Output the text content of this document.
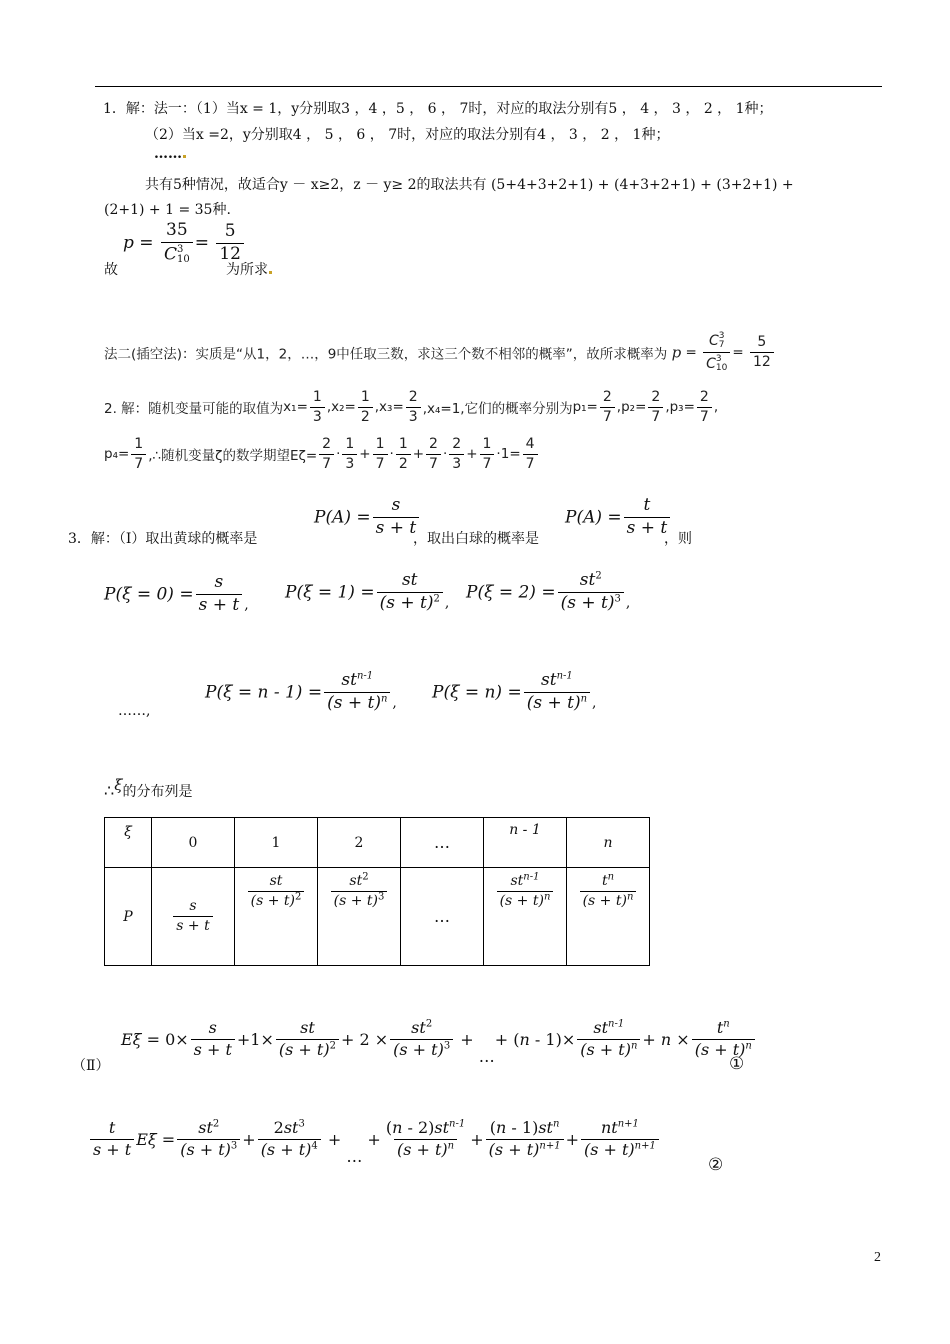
1．解：法一：（1）当x = 1，y分别取3 ，4 ，5 ， 6 ， 7时，对应的取法分别有5 ， 4 ， 3 ， 2 ， 1种；
（2）当x =2，y分别取4 ， 5 ， 6 ， 7时，对应的取法分别有4 ， 3 ， 2 ， 1种；
……
共有5种情况，故适合y － x≥2，z － y≥ 2的取法共有 (5+4+3+2+1) + (4+3+2+1) + (3+2+1) +
(2+1) + 1 = 35种.
故
p = 35
C 3
$10 = \frac{5}{12}$
为所求
法二(插空法)：实质是“从1，2，…，9中任取三数，求这三个数不相邻的概率”，故所求概率为 p = C 3
7
C 3
$10 = \frac{5}{12}$
2. 解：随机变量可能的取值为$x_1= \frac{1}{3} ,x_2= \frac{1}{2} ,x_3= \frac{2}{3} ,x_4=1$,它们的概率分别为$p_1= \frac{2}{7} ,p_2= \frac{2}{7} ,p_3= \frac{2}{7}$ ,
$p_4= \frac{1}{7}$ ,∴随机变量ζ的数学期望$E\zeta= \frac{2}{7} \cdot \frac{1}{3} + \frac{1}{7} \cdot \frac{1}{2} + \frac{2}{7} \cdot \frac{2}{3} + \frac{1}{7} \cdot 1= \frac{4}{7}$
3．解：（Ⅰ）取出黄球的概率是
$P(A) = \frac{s}{s + t}$
，取出白球的概率是
$P(A) = \frac{t}{s + t}$
，则
$P(\xi = 0) = \frac{s}{s + t} _,$
$P(\xi = 1) = \frac{st}{(s + t)^2} _,$
$P(\xi = 2) = \frac{st^2}{(s + t)^3} _,$
……,
$P(\xi = n - 1) = \frac{st^{n-1}}{(s + t)^n} _,$
$P(\xi = n) = \frac{st^{n-1}}{(s + t)^n} _,$
∴ξ的分布列是
ξ	0	1	2	…	n - 1	n
P	$\frac{s}{s + t}$	$\frac{st}{(s + t)^2}$	$\frac{st^2}{(s + t)^3}$	…	$\frac{st^{n-1}}{(s + t)^n}$	$\frac{t^n}{(s + t)^n}$
（Ⅱ）
$E\xi = 0\times \frac{s}{s + t} +1\times \frac{st}{(s + t)^2} + 2 \times \frac{st^2}{(s + t)^3}$ + …+ $(n - 1)\times \frac{st^{n-1}}{(s + t)^n} + n \times \frac{t^n}{(s + t)^n}$
①
$\frac{t}{s + t}$ $E\xi = \frac{st^2}{(s + t)^3} + \frac{2st^3}{(s + t)^4}$ + … + $\frac{(n - 2)st^{n-1}}{(s + t)^n} + \frac{(n - 1)st^n}{(s + t)^{n+1}} + \frac{nt^{n+1}}{(s + t)^{n+1}}$
②
2
